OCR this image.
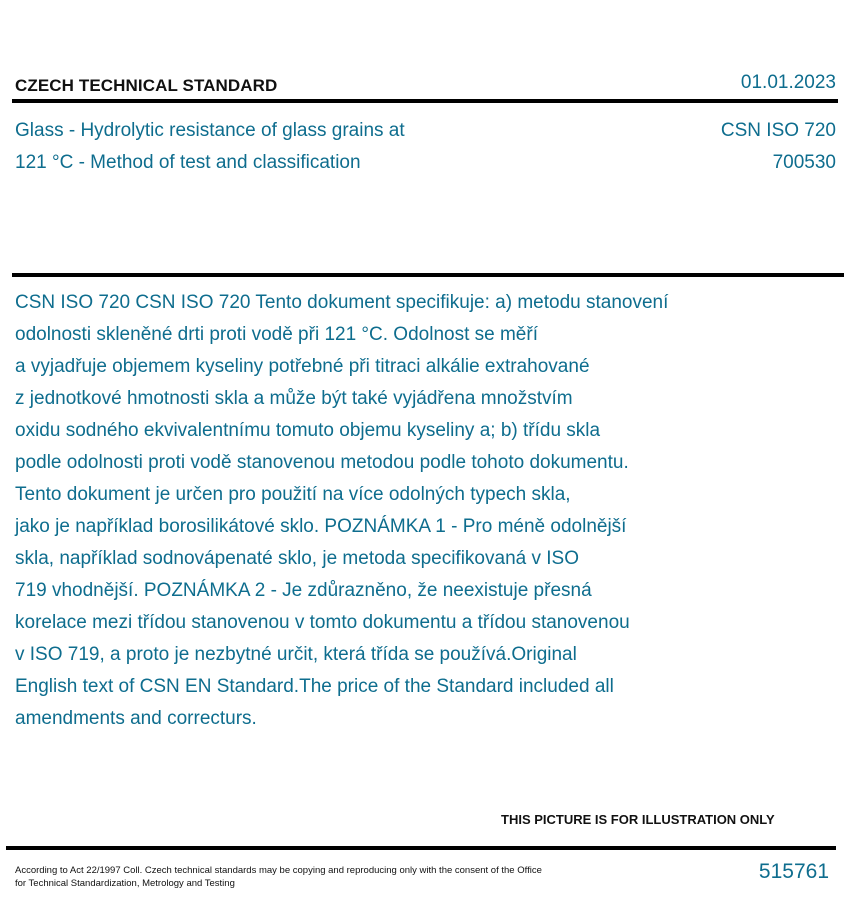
CZECH TECHNICAL STANDARD	01.01.2023
Glass - Hydrolytic resistance of glass grains at
121 °C - Method of test and classification
CSN ISO 720
700530
CSN ISO 720 CSN ISO 720 Tento dokument specifikuje: a) metodu stanovení
odolnosti skleněné drti proti vodě při 121 °C. Odolnost se měří
a vyjadřuje objemem kyseliny potřebné při titraci alkálie extrahované
z jednotkové hmotnosti skla a může být také vyjádřena množstvím
oxidu sodného ekvivalentnímu tomuto objemu kyseliny a; b) třídu skla
podle odolnosti proti vodě stanovenou metodou podle tohoto dokumentu.
Tento dokument je určen pro použití na více odolných typech skla,
jako je například borosilikátové sklo. POZNÁMKA 1 - Pro méně odolnější
skla, například sodnovápenaté sklo, je metoda specifikovaná v ISO
719 vhodnější. POZNÁMKA 2 - Je zdůrazněno, že neexistuje přesná
korelace mezi třídou stanovenou v tomto dokumentu a třídou stanovenou
v ISO 719, a proto je nezbytné určit, která třída se používá.Original
English text of CSN EN Standard.The price of the Standard included all
amendments and correcturs.
THIS PICTURE IS FOR ILLUSTRATION ONLY
According to Act 22/1997 Coll. Czech technical standards may be copying and reproducing only with the consent of the Office
for Technical Standardization, Metrology and Testing
515761
